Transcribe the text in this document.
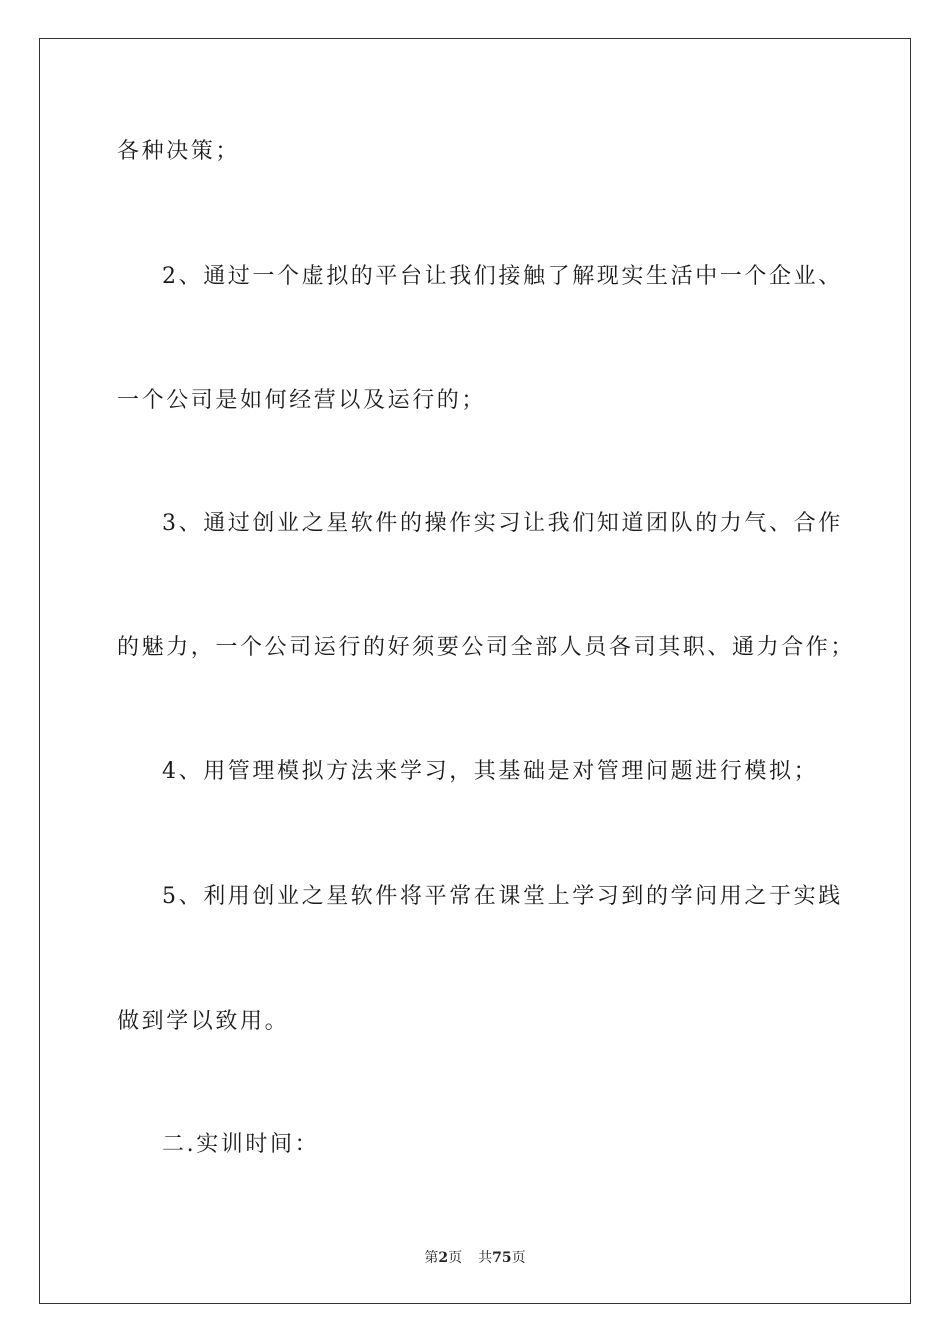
各种决策；
2、通过一个虚拟的平台让我们接触了解现实生活中一个企业、
一个公司是如何经营以及运行的；
3、通过创业之星软件的操作实习让我们知道团队的力气、合作
的魅力，一个公司运行的好须要公司全部人员各司其职、通力合作；
4、用管理模拟方法来学习，其基础是对管理问题进行模拟；
5、利用创业之星软件将平常在课堂上学习到的学问用之于实践
做到学以致用。
二.实训时间：
第2页 共75页
